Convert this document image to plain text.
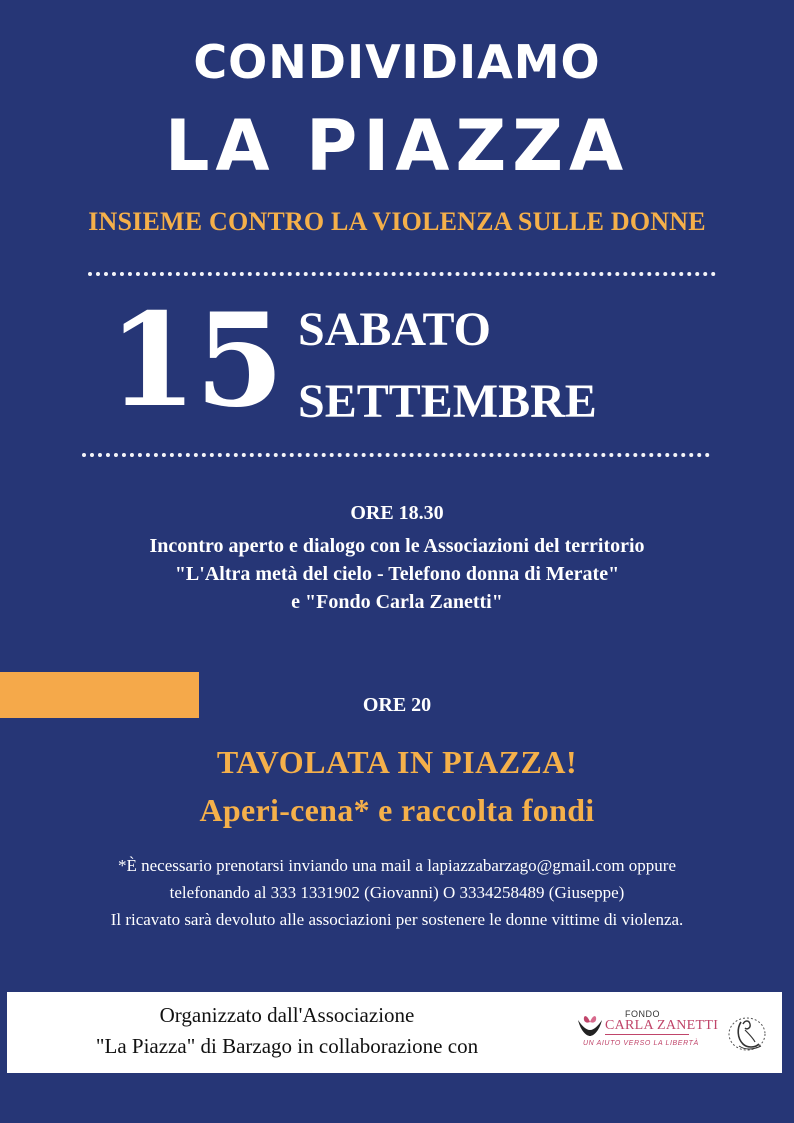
CONDIVIDIAMO
LA PIAZZA
INSIEME CONTRO LA VIOLENZA SULLE DONNE
15 SABATO
SETTEMBRE
ORE 18.30
Incontro aperto e dialogo con le Associazioni del territorio
"L'Altra metà del cielo - Telefono donna di Merate"
e "Fondo Carla Zanetti"
ORE 20
TAVOLATA IN PIAZZA!
Aperi-cena* e raccolta fondi
*È necessario prenotarsi inviando una mail a lapiazzabarzago@gmail.com oppure
telefonando al 333 1331902 (Giovanni) O 3334258489 (Giuseppe)
Il ricavato sarà devoluto alle associazioni per sostenere le donne vittime di violenza.
Organizzato dall'Associazione
"La Piazza" di Barzago in collaborazione con
FONDO
CARLA ZANETTI
UN AIUTO VERSO LA LIBERTÀ
